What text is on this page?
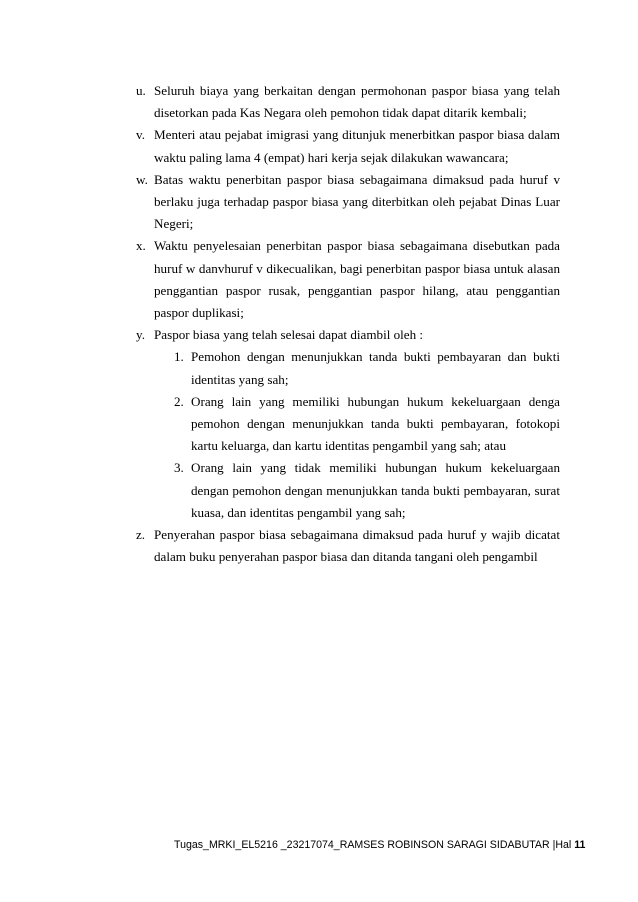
u. Seluruh biaya yang berkaitan dengan permohonan paspor biasa yang telah disetorkan pada Kas Negara oleh pemohon tidak dapat ditarik kembali;
v. Menteri atau pejabat imigrasi yang ditunjuk menerbitkan paspor biasa dalam waktu paling lama 4 (empat) hari kerja sejak dilakukan wawancara;
w. Batas waktu penerbitan paspor biasa sebagaimana dimaksud pada huruf v berlaku juga terhadap paspor biasa yang diterbitkan oleh pejabat Dinas Luar Negeri;
x. Waktu penyelesaian penerbitan paspor biasa sebagaimana disebutkan pada huruf w danvhuruf v dikecualikan, bagi penerbitan paspor biasa untuk alasan penggantian paspor rusak, penggantian paspor hilang, atau penggantian paspor duplikasi;
y. Paspor biasa yang telah selesai dapat diambil oleh :
1. Pemohon dengan menunjukkan tanda bukti pembayaran dan bukti identitas yang sah;
2. Orang lain yang memiliki hubungan hukum kekeluargaan denga pemohon dengan menunjukkan tanda bukti pembayaran, fotokopi kartu keluarga, dan kartu identitas pengambil yang sah; atau
3. Orang lain yang tidak memiliki hubungan hukum kekeluargaan dengan pemohon dengan menunjukkan tanda bukti pembayaran, surat kuasa, dan identitas pengambil yang sah;
z. Penyerahan paspor biasa sebagaimana dimaksud pada huruf y wajib dicatat dalam buku penyerahan paspor biasa dan ditanda tangani oleh pengambil
Tugas_MRKI_EL5216 _23217074_RAMSES ROBINSON SARAGI SIDABUTAR |Hal 11
